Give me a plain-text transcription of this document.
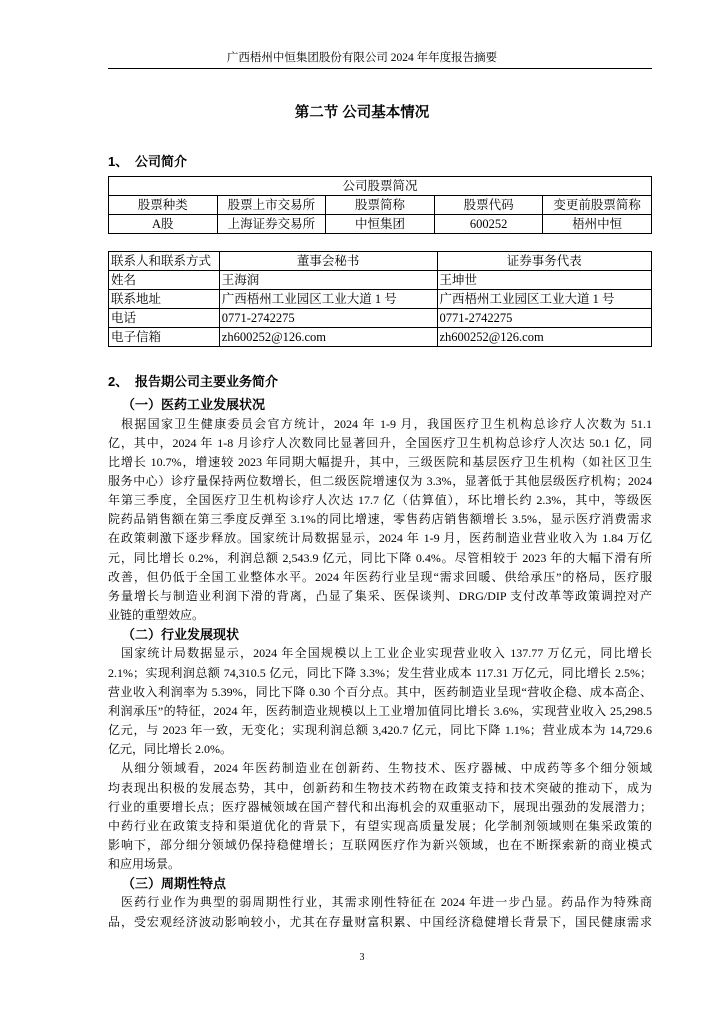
广西梧州中恒集团股份有限公司 2024 年年度报告摘要
第二节 公司基本情况
1、 公司简介
公司股票简况				
股票种类	股票上市交易所	股票简称	股票代码	变更前股票简称
A股	上海证券交易所	中恒集团	600252	梧州中恒
联系人和联系方式	董事会秘书	证券事务代表
姓名	王海润	王坤世
联系地址	广西梧州工业园区工业大道 1 号	广西梧州工业园区工业大道 1 号
电话	0771-2742275	0771-2742275
电子信箱	zh600252@126.com	zh600252@126.com
2、 报告期公司主要业务简介
（一）医药工业发展状况
根据国家卫生健康委员会官方统计，2024 年 1-9 月，我国医疗卫生机构总诊疗人次数为 51.1
亿，其中，2024 年 1-8 月诊疗人次数同比显著回升，全国医疗卫生机构总诊疗人次达 50.1 亿，同
比增长 10.7%，增速较 2023 年同期大幅提升，其中，三级医院和基层医疗卫生机构（如社区卫生
服务中心）诊疗量保持两位数增长，但二级医院增速仅为 3.3%，显著低于其他层级医疗机构；2024
年第三季度，全国医疗卫生机构诊疗人次达 17.7 亿（估算值），环比增长约 2.3%，其中，等级医
院药品销售额在第三季度反弹至 3.1%的同比增速，零售药店销售额增长 3.5%，显示医疗消费需求
在政策刺激下逐步释放。国家统计局数据显示，2024 年 1-9 月，医药制造业营业收入为 1.84 万亿
元，同比增长 0.2%，利润总额 2,543.9 亿元，同比下降 0.4%。尽管相较于 2023 年的大幅下滑有所
改善，但仍低于全国工业整体水平。2024 年医药行业呈现“需求回暖、供给承压”的格局，医疗服
务量增长与制造业利润下滑的背离，凸显了集采、医保谈判、DRG/DIP 支付改革等政策调控对产
业链的重塑效应。
（二）行业发展现状
国家统计局数据显示，2024 年全国规模以上工业企业实现营业收入 137.77 万亿元，同比增长
2.1%；实现利润总额 74,310.5 亿元，同比下降 3.3%；发生营业成本 117.31 万亿元，同比增长 2.5%；
营业收入利润率为 5.39%，同比下降 0.30 个百分点。其中，医药制造业呈现“营收企稳、成本高企、
利润承压”的特征，2024 年，医药制造业规模以上工业增加值同比增长 3.6%，实现营业收入 25,298.5
亿元，与 2023 年一致，无变化；实现利润总额 3,420.7 亿元，同比下降 1.1%；营业成本为 14,729.6
亿元，同比增长 2.0%。
从细分领域看，2024 年医药制造业在创新药、生物技术、医疗器械、中成药等多个细分领域
均表现出积极的发展态势，其中，创新药和生物技术药物在政策支持和技术突破的推动下，成为
行业的重要增长点；医疗器械领域在国产替代和出海机会的双重驱动下，展现出强劲的发展潜力；
中药行业在政策支持和渠道优化的背景下，有望实现高质量发展；化学制剂领域则在集采政策的
影响下，部分细分领域仍保持稳健增长；互联网医疗作为新兴领域，也在不断探索新的商业模式
和应用场景。
（三）周期性特点
医药行业作为典型的弱周期性行业，其需求刚性特征在 2024 年进一步凸显。药品作为特殊商
品，受宏观经济波动影响较小，尤其在存量财富积累、中国经济稳健增长背景下，国民健康需求
3
